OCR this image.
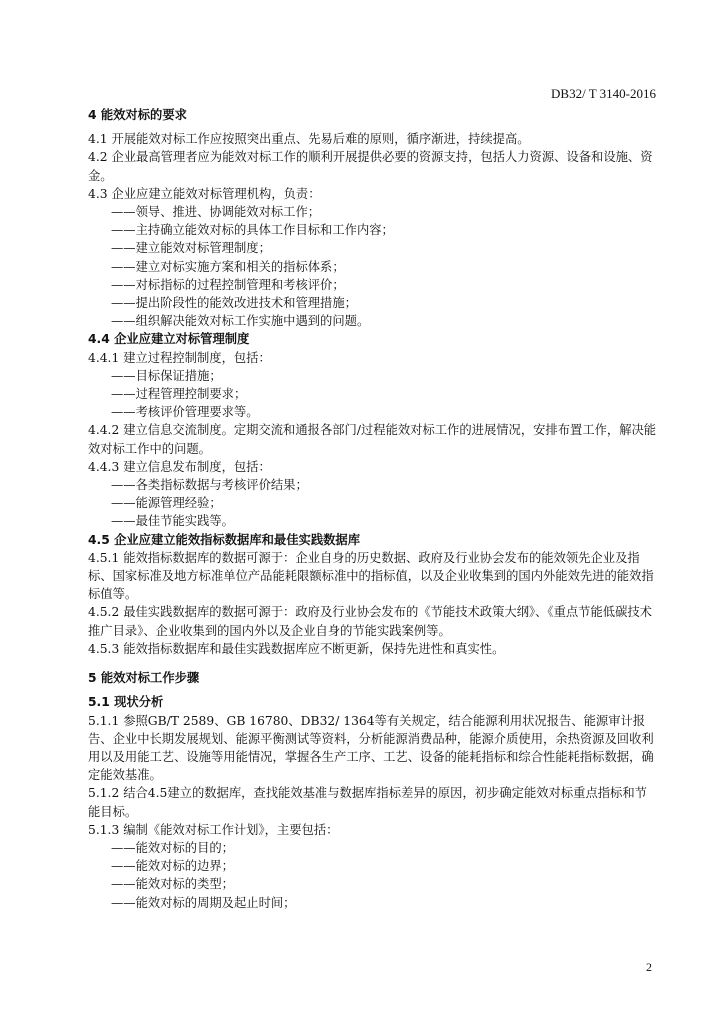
DB32/ T 3140-2016

4 能效对标的要求

4.1 开展能效对标工作应按照突出重点、先易后难的原则，循序渐进，持续提高。

4.2 企业最高管理者应为能效对标工作的顺利开展提供必要的资源支持，包括人力资源、设备和设施、资金。

4.3 企业应建立能效对标管理机构，负责：

——领导、推进、协调能效对标工作；

——主持确立能效对标的具体工作目标和工作内容；

——建立能效对标管理制度；

——建立对标实施方案和相关的指标体系；

——对标指标的过程控制管理和考核评价；

——提出阶段性的能效改进技术和管理措施；

——组织解决能效对标工作实施中遇到的问题。

4.4 企业应建立对标管理制度

4.4.1 建立过程控制制度，包括：

——目标保证措施；

——过程管理控制要求；

——考核评价管理要求等。

4.4.2 建立信息交流制度。定期交流和通报各部门/过程能效对标工作的进展情况，安排布置工作，解决能效对标工作中的问题。

4.4.3 建立信息发布制度，包括：

——各类指标数据与考核评价结果；

——能源管理经验；

——最佳节能实践等。

4.5 企业应建立能效指标数据库和最佳实践数据库

4.5.1 能效指标数据库的数据可源于：企业自身的历史数据、政府及行业协会发布的能效领先企业及指标、国家标准及地方标准单位产品能耗限额标准中的指标值，以及企业收集到的国内外能效先进的能效指标值等。

4.5.2 最佳实践数据库的数据可源于：政府及行业协会发布的《节能技术政策大纲》、《重点节能低碳技术推广目录》、企业收集到的国内外以及企业自身的节能实践案例等。

4.5.3 能效指标数据库和最佳实践数据库应不断更新，保持先进性和真实性。

5 能效对标工作步骤

5.1 现状分析

5.1.1 参照GB/T 2589、GB 16780、DB32/ 1364等有关规定，结合能源利用状况报告、能源审计报告、企业中长期发展规划、能源平衡测试等资料，分析能源消费品种，能源介质使用，余热资源及回收利用以及用能工艺、设施等用能情况，掌握各生产工序、工艺、设备的能耗指标和综合性能耗指标数据，确定能效基准。

5.1.2 结合4.5建立的数据库，查找能效基准与数据库指标差异的原因，初步确定能效对标重点指标和节能目标。

5.1.3 编制《能效对标工作计划》，主要包括：

——能效对标的目的；

——能效对标的边界；

——能效对标的类型；

——能效对标的周期及起止时间；

2
